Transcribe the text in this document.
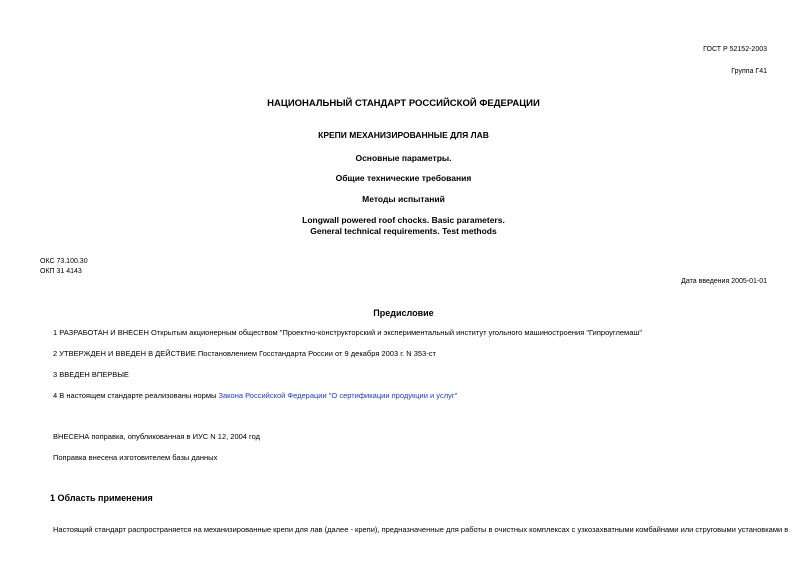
ГОСТ Р 52152-2003
Группа Г41
НАЦИОНАЛЬНЫЙ СТАНДАРТ РОССИЙСКОЙ ФЕДЕРАЦИИ
КРЕПИ МЕХАНИЗИРОВАННЫЕ ДЛЯ ЛАВ
Основные параметры.
Общие технические требования
Методы испытаний
Longwall powered roof chocks. Basic parameters.
General technical requirements. Test methods
ОКС 73.100.30
ОКП 31 4143
Дата введения 2005-01-01
Предисловие
1 РАЗРАБОТАН И ВНЕСЕН Открытым акционерным обществом "Проектно-конструкторский и экспериментальный институт угольного машиностроения "Гипроуглемаш"
2 УТВЕРЖДЕН И ВВЕДЕН В ДЕЙСТВИЕ Постановлением Госстандарта России от 9 декабря 2003 г. N 353-ст
3 ВВЕДЕН ВПЕРВЫЕ
4 В настоящем стандарте реализованы нормы Закона Российской Федерации "О сертификации продукции и услуг"
ВНЕСЕНА поправка, опубликованная в ИУС N 12, 2004 год
Поправка внесена изготовителем базы данных
1 Область применения
Настоящий стандарт распространяется на механизированные крепи для лав (далее - крепи), предназначенные для работы в очистных комплексах с узкозахватными комбайнами или струговыми установками в
